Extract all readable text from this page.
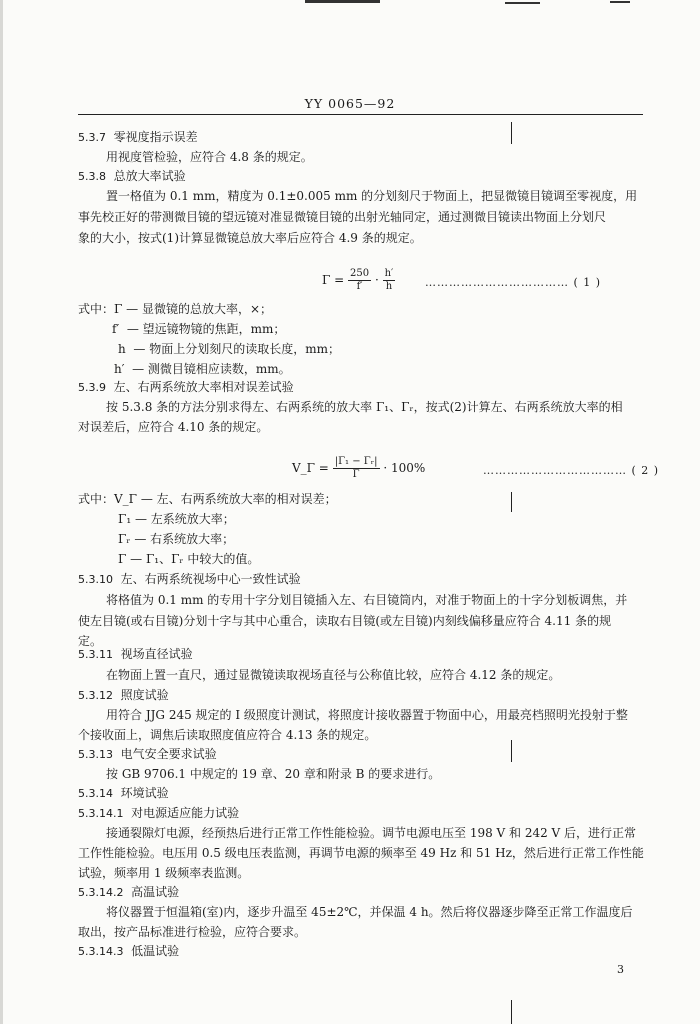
YY 0065—92
5.3.7 零视度指示误差
用视度管检验，应符合 4.8 条的规定。
5.3.8 总放大率试验
置一格值为 0.1 mm，精度为 0.1±0.005 mm 的分划刻尺于物面上，把显微镜目镜调至零视度，用
事先校正好的带测微目镜的望远镜对准显微镜目镜的出射光轴同定，通过测微目镜读出物面上分划尺
象的大小，按式(1)计算显微镜总放大率后应符合 4.9 条的规定。
$\Gamma = \frac{250}{f'} \cdot \frac{h'}{h}$	……………………………… ( 1 )
式中：Γ — 显微镜的总放大率，×；
f′ — 望远镜物镜的焦距，mm；
h — 物面上分划刻尺的读取长度，mm；
h′ — 测微目镜相应读数，mm。
5.3.9 左、右两系统放大率相对误差试验
按 5.3.8 条的方法分别求得左、右两系统的放大率 Γ₁、Γᵣ，按式(2)计算左、右两系统放大率的相
对误差后，应符合 4.10 条的规定。
V_Γ = $\frac{\text{|Γ₁ − Γᵣ|}}{\Gamma} \cdot 100\%$	……………………………… ( 2 )
式中：V_Γ — 左、右两系统放大率的相对误差；
Γ₁ — 左系统放大率；
Γᵣ — 右系统放大率；
Γ — Γ₁、Γᵣ 中较大的值。
5.3.10 左、右两系统视场中心一致性试验
将格值为 0.1 mm 的专用十字分划目镜插入左、右目镜筒内，对准于物面上的十字分划板调焦，并
使左目镜(或右目镜)分划十字与其中心重合，读取右目镜(或左目镜)内刻线偏移量应符合 4.11 条的规
定。
5.3.11 视场直径试验
在物面上置一直尺，通过显微镜读取视场直径与公称值比较，应符合 4.12 条的规定。
5.3.12 照度试验
用符合 JJG 245 规定的 Ⅰ 级照度计测试，将照度计接收器置于物面中心，用最亮档照明光投射于整
个接收面上，调焦后读取照度值应符合 4.13 条的规定。
5.3.13 电气安全要求试验
按 GB 9706.1 中规定的 19 章、20 章和附录 B 的要求进行。
5.3.14 环境试验
5.3.14.1 对电源适应能力试验
接通裂隙灯电源，经预热后进行正常工作性能检验。调节电源电压至 198 V 和 242 V 后，进行正常
工作性能检验。电压用 0.5 级电压表监测，再调节电源的频率至 49 Hz 和 51 Hz，然后进行正常工作性能
试验，频率用 1 级频率表监测。
5.3.14.2 高温试验
将仪器置于恒温箱(室)内，逐步升温至 45±2℃，并保温 4 h。然后将仪器逐步降至正常工作温度后
取出，按产品标准进行检验，应符合要求。
5.3.14.3 低温试验
3
